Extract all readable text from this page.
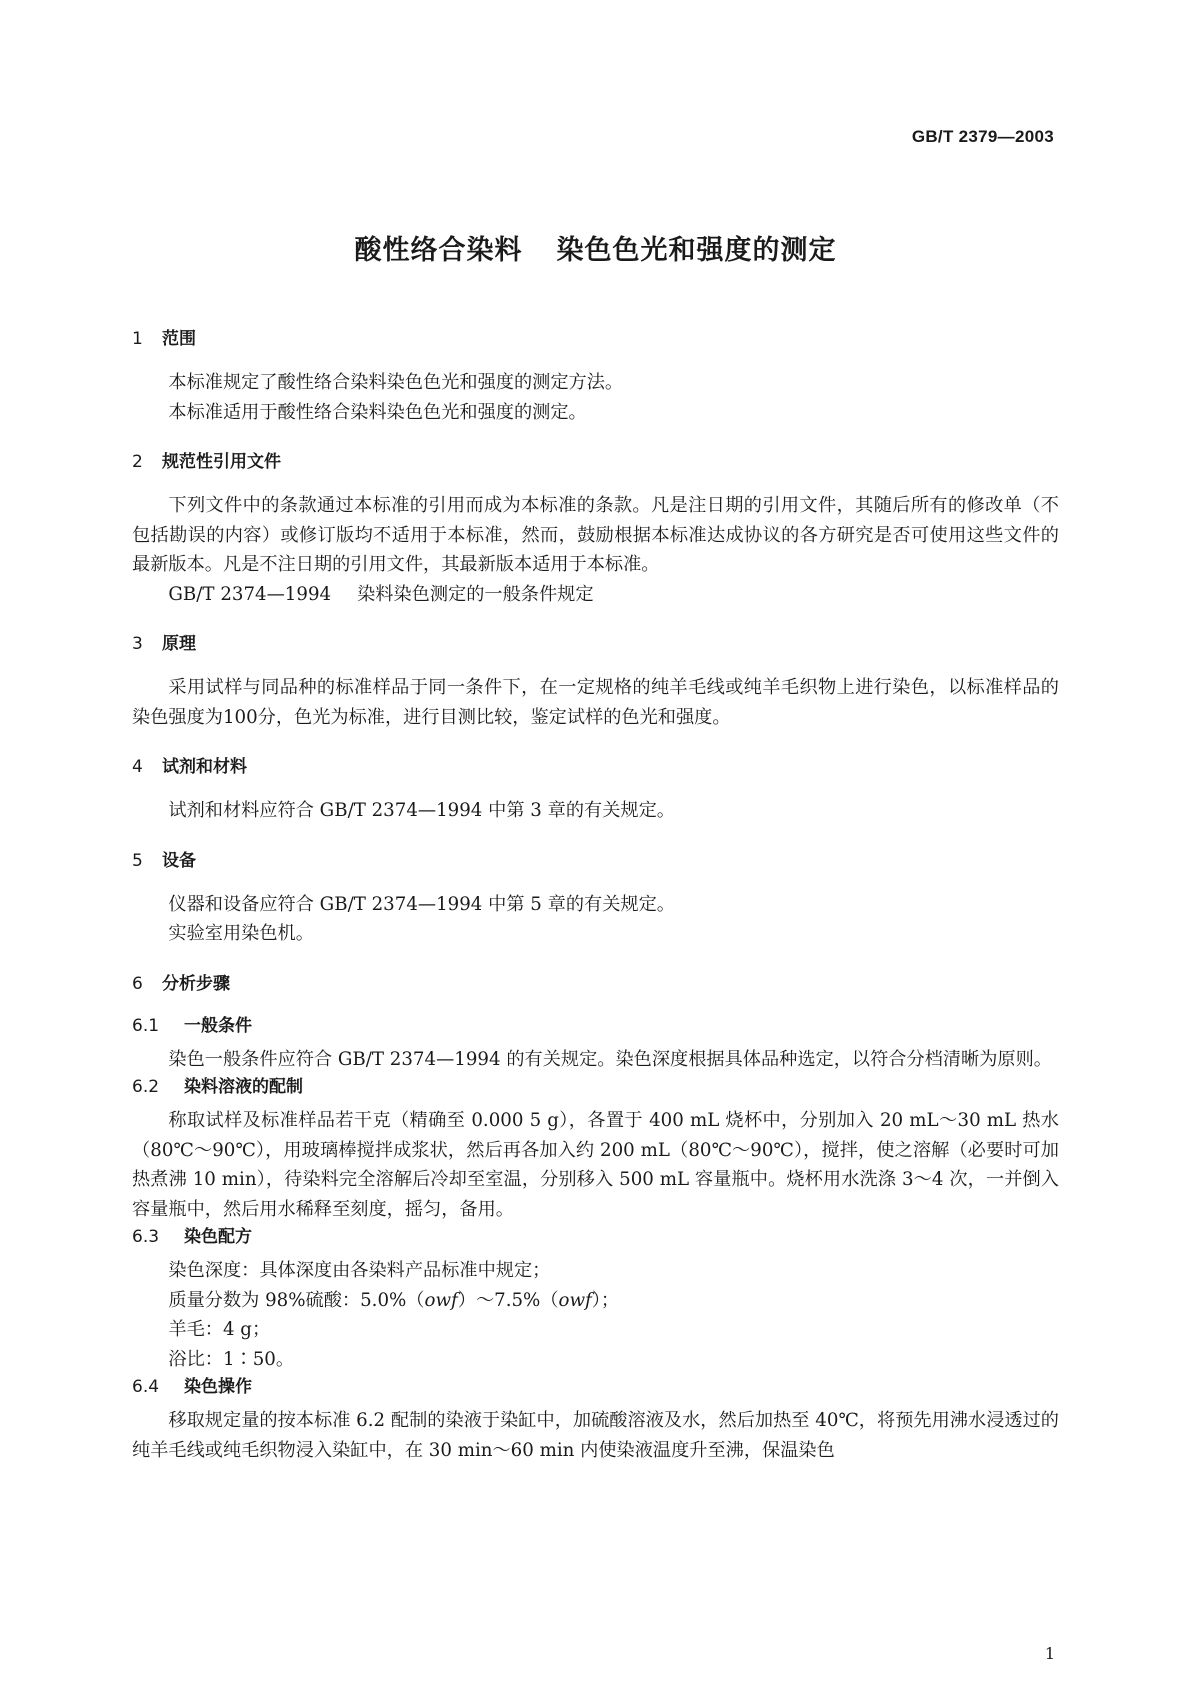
GB/T 2379—2003
酸性络合染料 染色色光和强度的测定
1 范围

本标准规定了酸性络合染料染色色光和强度的测定方法。

本标准适用于酸性络合染料染色色光和强度的测定。

2 规范性引用文件

下列文件中的条款通过本标准的引用而成为本标准的条款。凡是注日期的引用文件，其随后所有的修改单（不包括勘误的内容）或修订版均不适用于本标准，然而，鼓励根据本标准达成协议的各方研究是否可使用这些文件的最新版本。凡是不注日期的引用文件，其最新版本适用于本标准。

GB/T 2374—1994 染料染色测定的一般条件规定

3 原理

采用试样与同品种的标准样品于同一条件下，在一定规格的纯羊毛线或纯羊毛织物上进行染色，以标准样品的染色强度为100分，色光为标准，进行目测比较，鉴定试样的色光和强度。

4 试剂和材料

试剂和材料应符合 GB/T 2374—1994 中第 3 章的有关规定。

5 设备

仪器和设备应符合 GB/T 2374—1994 中第 5 章的有关规定。

实验室用染色机。

6 分析步骤
6.1 一般条件

染色一般条件应符合 GB/T 2374—1994 的有关规定。染色深度根据具体品种选定，以符合分档清晰为原则。

6.2 染料溶液的配制

称取试样及标准样品若干克（精确至 0.000 5 g），各置于 400 mL 烧杯中，分别加入 20 mL～30 mL 热水（80℃～90℃），用玻璃棒搅拌成浆状，然后再各加入约 200 mL（80℃～90℃），搅拌，使之溶解（必要时可加热煮沸 10 min），待染料完全溶解后冷却至室温，分别移入 500 mL 容量瓶中。烧杯用水洗涤 3～4 次，一并倒入容量瓶中，然后用水稀释至刻度，摇匀，备用。

6.3 染色配方

染色深度：具体深度由各染料产品标准中规定；

质量分数为 98%硫酸：5.0%（owf）～7.5%（owf）；

羊毛：4 g；

浴比：1∶50。

6.4 染色操作

移取规定量的按本标准 6.2 配制的染液于染缸中，加硫酸溶液及水，然后加热至 40℃，将预先用沸水浸透过的纯羊毛线或纯毛织物浸入染缸中，在 30 min～60 min 内使染液温度升至沸，保温染色

1
